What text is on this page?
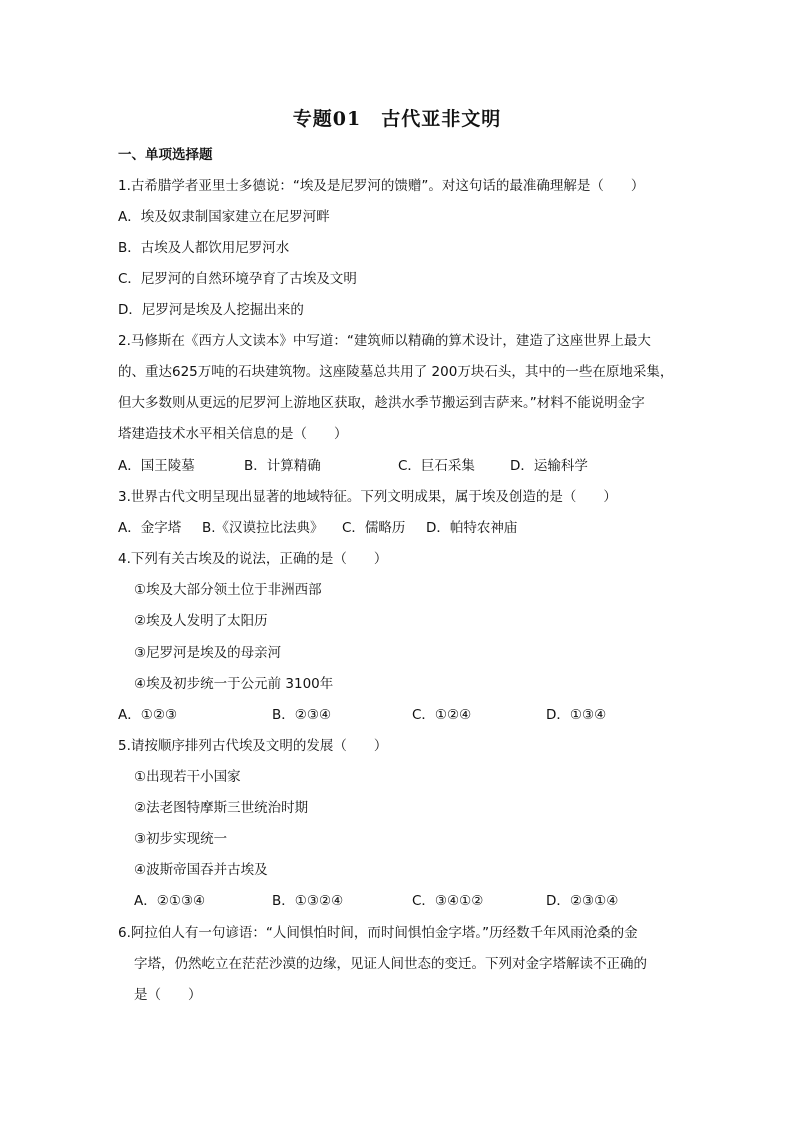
专题01　古代亚非文明
一、单项选择题
1.古希腊学者亚里士多德说：“埃及是尼罗河的馈赠”。对这句话的最准确理解是（　　）
A．埃及奴隶制国家建立在尼罗河畔
B．古埃及人都饮用尼罗河水
C．尼罗河的自然环境孕育了古埃及文明
D．尼罗河是埃及人挖掘出来的
2.马修斯在《西方人文读本》中写道：“建筑师以精确的算术设计，建造了这座世界上最大
的、重达625万吨的石块建筑物。这座陵墓总共用了 200万块石头，其中的一些在原地采集，
但大多数则从更远的尼罗河上游地区获取，趁洪水季节搬运到吉萨来。”材料不能说明金字
塔建造技术水平相关信息的是（　　）
A．国王陵墓	B．计算精确	C．巨石采集	D．运输科学
3.世界古代文明呈现出显著的地域特征。下列文明成果，属于埃及创造的是（　　）
A．金字塔 B.《汉谟拉比法典》 C．儒略历 D．帕特农神庙
4.下列有关古埃及的说法，正确的是（　　）
①埃及大部分领土位于非洲西部
②埃及人发明了太阳历
③尼罗河是埃及的母亲河
④埃及初步统一于公元前 3100年
A．①②③	B．②③④	C．①②④	D．①③④
5.请按顺序排列古代埃及文明的发展（　　）
①出现若干小国家
②法老图特摩斯三世统治时期
③初步实现统一
④波斯帝国吞并古埃及
A．②①③④	B．①③②④	C．③④①②	D．②③①④
6.阿拉伯人有一句谚语：“人间惧怕时间，而时间惧怕金字塔。”历经数千年风雨沧桑的金
字塔，仍然屹立在茫茫沙漠的边缘，见证人间世态的变迁。下列对金字塔解读不正确的
是（　　）
